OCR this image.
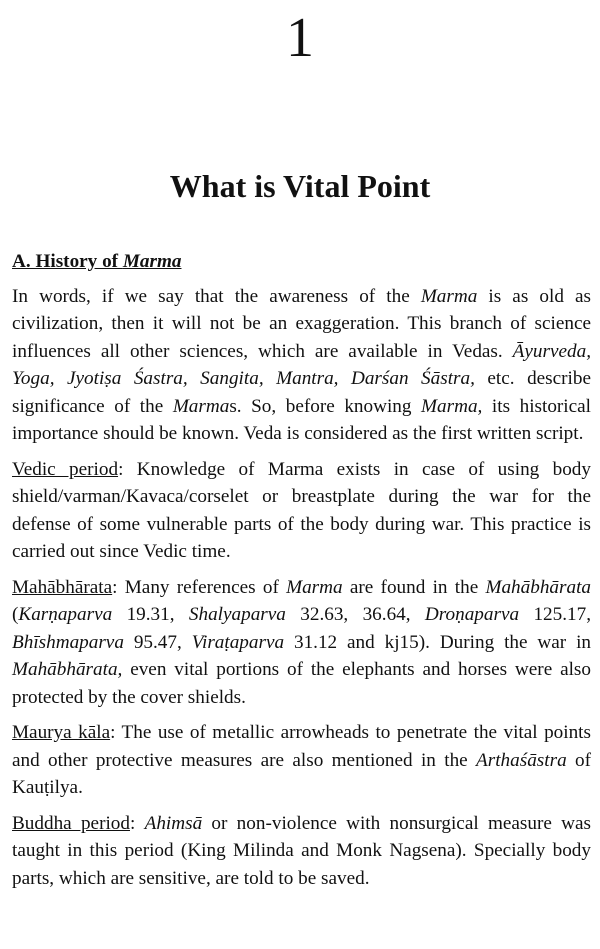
1
What is Vital Point
A. History of Marma

In words, if we say that the awareness of the Marma is as old as civilization, then it will not be an exaggeration. This branch of science influences all other sciences, which are available in Vedas. Āyurveda, Yoga, Jyotiṣa Śastra, Sangita, Mantra, Darśan Śāstra, etc. describe significance of the Marmas. So, before knowing Marma, its historical importance should be known. Veda is considered as the first written script.

Vedic period: Knowledge of Marma exists in case of using body shield/varman/Kavaca/corselet or breastplate during the war for the defense of some vulnerable parts of the body during war. This practice is carried out since Vedic time.

Mahābhārata: Many references of Marma are found in the Mahābhārata (Karṇaparva 19.31, Shalyaparva 32.63, 36.64, Droṇaparva 125.17, Bhīshmaparva 95.47, Viraṭaparva 31.12 and kj15). During the war in Mahābhārata, even vital portions of the elephants and horses were also protected by the cover shields.

Maurya kāla: The use of metallic arrowheads to penetrate the vital points and other protective measures are also mentioned in the Arthaśāstra of Kauṭilya.

Buddha period: Ahimsā or non-violence with nonsurgical measure was taught in this period (King Milinda and Monk Nagsena). Specially body parts, which are sensitive, are told to be saved.
